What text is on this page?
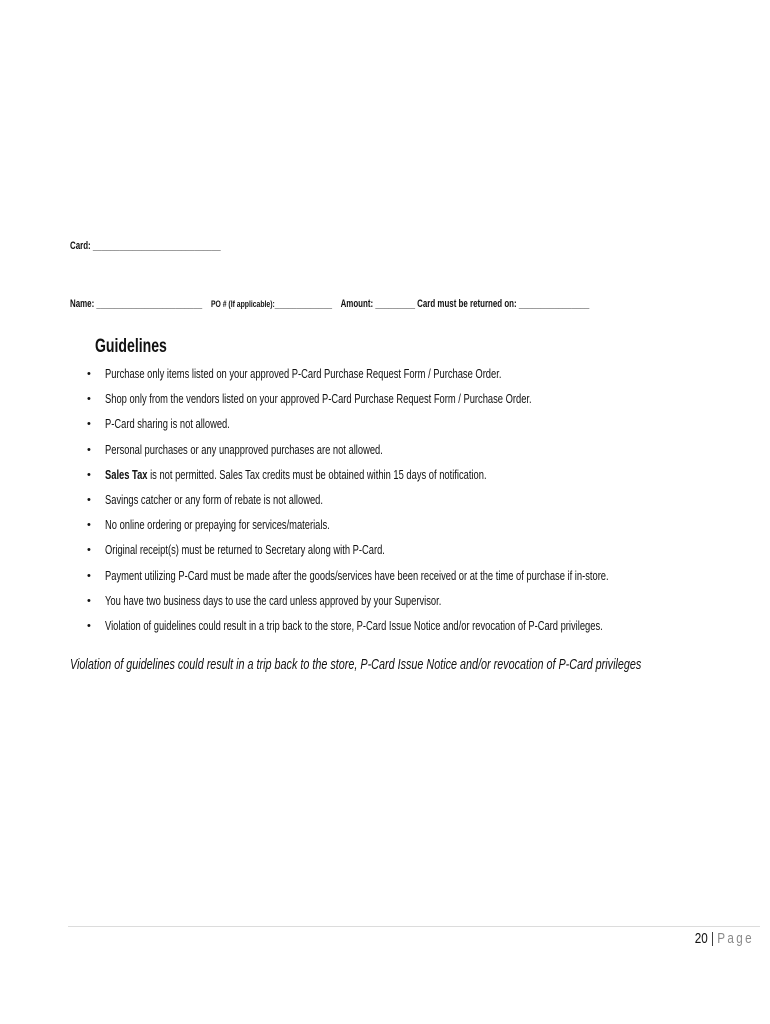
Card: _____________________________
Name: ________________________ PO # (If applicable):_____________ Amount: _________ Card must be returned on: ________________
Guidelines
• Purchase only items listed on your approved P-Card Purchase Request Form / Purchase Order.
• Shop only from the vendors listed on your approved P-Card Purchase Request Form / Purchase Order.
• P-Card sharing is not allowed.
• Personal purchases or any unapproved purchases are not allowed.
• Sales Tax is not permitted. Sales Tax credits must be obtained within 15 days of notification.
• Savings catcher or any form of rebate is not allowed.
• No online ordering or prepaying for services/materials.
• Original receipt(s) must be returned to Secretary along with P-Card.
• Payment utilizing P-Card must be made after the goods/services have been received or at the time of purchase if in-store.
• You have two business days to use the card unless approved by your Supervisor.
• Violation of guidelines could result in a trip back to the store, P-Card Issue Notice and/or revocation of P-Card privileges.
Violation of guidelines could result in a trip back to the store, P-Card Issue Notice and/or revocation of P-Card privileges
20 | Page
